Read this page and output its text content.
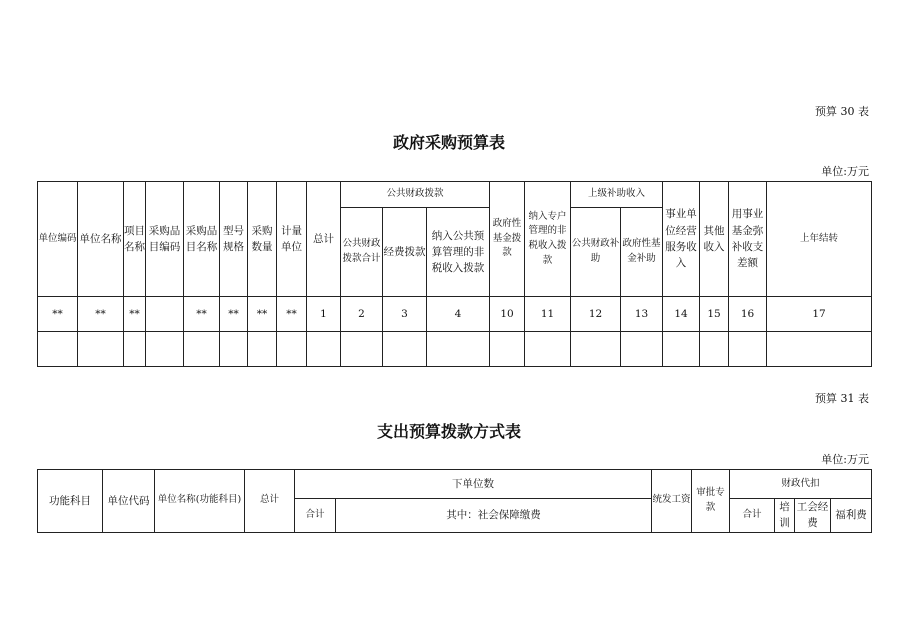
预算 30 表
政府采购预算表
单位:万元
单位编码	单位名称	项目名称	采购品目编码	采购品目名称	型号规格	采购数量	计量单位	总计	公共财政拨款			政府性基金拨款	纳入专户管理的非税收入拨款	上级补助收入		事业单位经营服务收入	其他收入	用事业基金弥补收支差额	上年结转
									公共财政拨款合计	经费拨款	纳入公共预算管理的非税收入拨款			公共财政补助	政府性基金补助				
**	**	**		**	**	**	**	1	2	3	4	10	11	12	13	14	15	16	17

预算 31 表
支出预算拨款方式表
单位:万元
功能科目	单位代码	单位名称(功能科目)	总计	下单位数		统发工资	审批专款	财政代扣			
				合计	其中：社会保障缴费			合计	培训	工会经费	福利费
